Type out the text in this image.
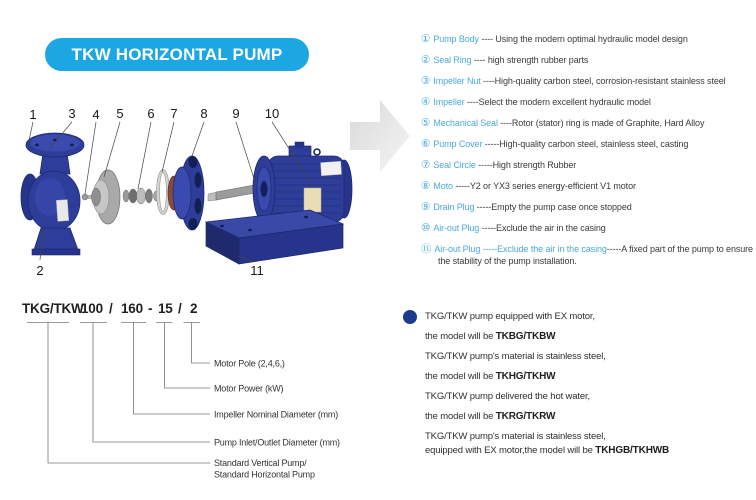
TKW HORIZONTAL PUMP
1 3 4 5 6 7 8 9 10
2	11
① Pump Body ---- Using the modern optimal hydraulic model design
② Seal Ring ---- high strength rubber parts
③ Impeller Nut ----High-quality carbon steel, corrosion-resistant stainless steel
④ Impeller ----Select the modern excellent hydraulic model
⑤ Mechanical Seal ----Rotor (stator) ring is made of Graphite, Hard Alloy
⑥ Pump Cover -----High-quality carbon steel, stainless steel, casting
⑦ Seal Circle -----High strength Rubber
⑧ Moto -----Y2 or YX3 series energy-efficient V1 motor
⑨ Drain Plug -----Empty the pump case once stopped
⑩ Air-out Plug -----Exclude the air in the casing
⑪ Air-out Plug -----Exclude the air in the casing-----A fixed part of the pump to ensure the stability of the pump installation.
TKG/TKW
100 / 160 - 15 / 2
Motor Pole (2,4,6,)
Motor Power (kW)
Impeller Nominal Diameter (mm)
Pump Inlet/Outlet Diameter (mm)
Standard Vertical Pump/
Standard Horizontal Pump
TKG/TKW pump equipped with EX motor,
the model will be TKBG/TKBW
TKG/TKW pump's material is stainless steel,
the model will be TKHG/TKHW
TKG/TKW pump delivered the hot water,
the model will be TKRG/TKRW
TKG/TKW pump's material is stainless steel,
equipped with EX motor,the model will be TKHGB/TKHWB
